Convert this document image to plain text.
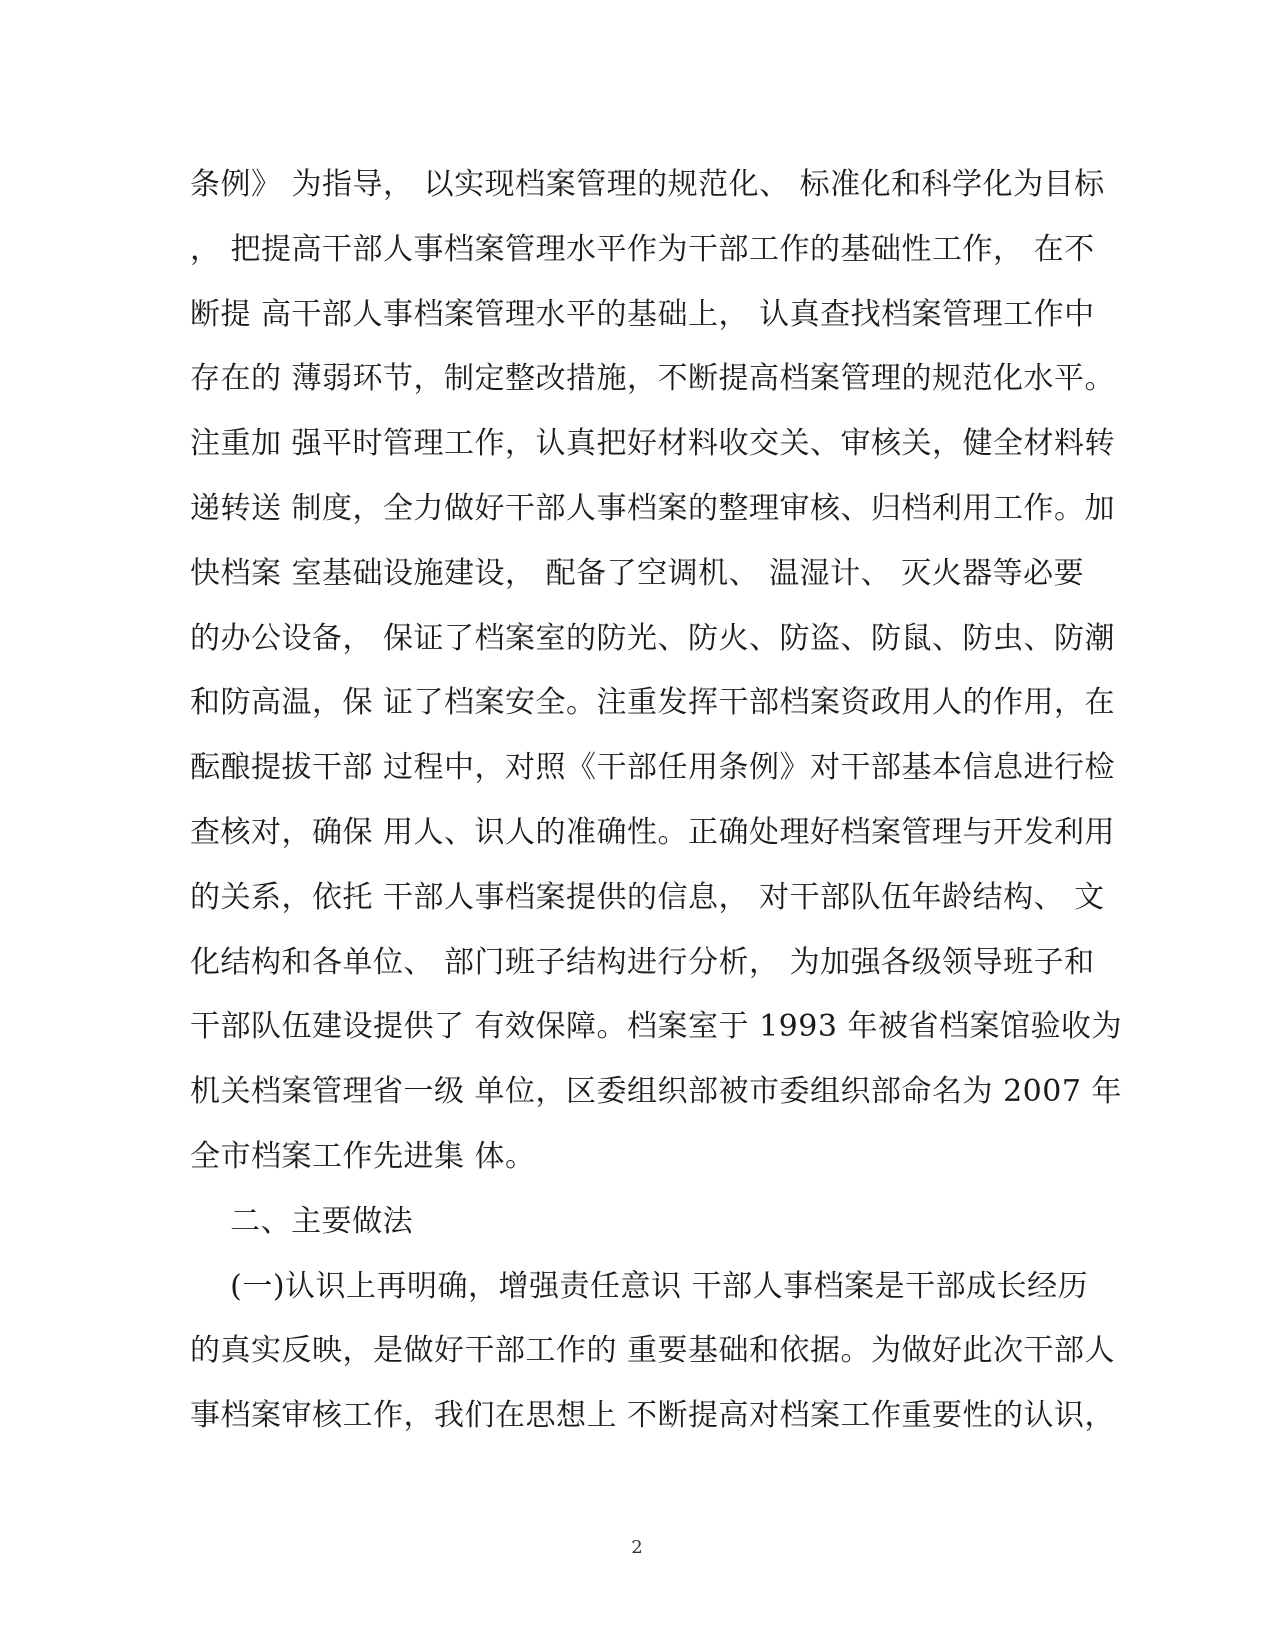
条例》 为指导， 以实现档案管理的规范化、 标准化和科学化为目标
， 把提高干部人事档案管理水平作为干部工作的基础性工作， 在不
断提 高干部人事档案管理水平的基础上， 认真查找档案管理工作中
存在的 薄弱环节，制定整改措施，不断提高档案管理的规范化水平。
注重加 强平时管理工作，认真把好材料收交关、审核关，健全材料转
递转送 制度，全力做好干部人事档案的整理审核、归档利用工作。加
快档案 室基础设施建设， 配备了空调机、 温湿计、 灭火器等必要
的办公设备， 保证了档案室的防光、防火、防盗、防鼠、防虫、防潮
和防高温，保 证了档案安全。注重发挥干部档案资政用人的作用，在
酝酿提拔干部 过程中，对照《干部任用条例》对干部基本信息进行检
查核对，确保 用人、识人的准确性。正确处理好档案管理与开发利用
的关系，依托 干部人事档案提供的信息， 对干部队伍年龄结构、 文
化结构和各单位、 部门班子结构进行分析， 为加强各级领导班子和
干部队伍建设提供了 有效保障。档案室于 1993 年被省档案馆验收为
机关档案管理省一级 单位，区委组织部被市委组织部命名为 2007 年
全市档案工作先进集 体。
二、主要做法
(一)认识上再明确，增强责任意识 干部人事档案是干部成长经历
的真实反映，是做好干部工作的 重要基础和依据。为做好此次干部人
事档案审核工作，我们在思想上 不断提高对档案工作重要性的认识，
2
